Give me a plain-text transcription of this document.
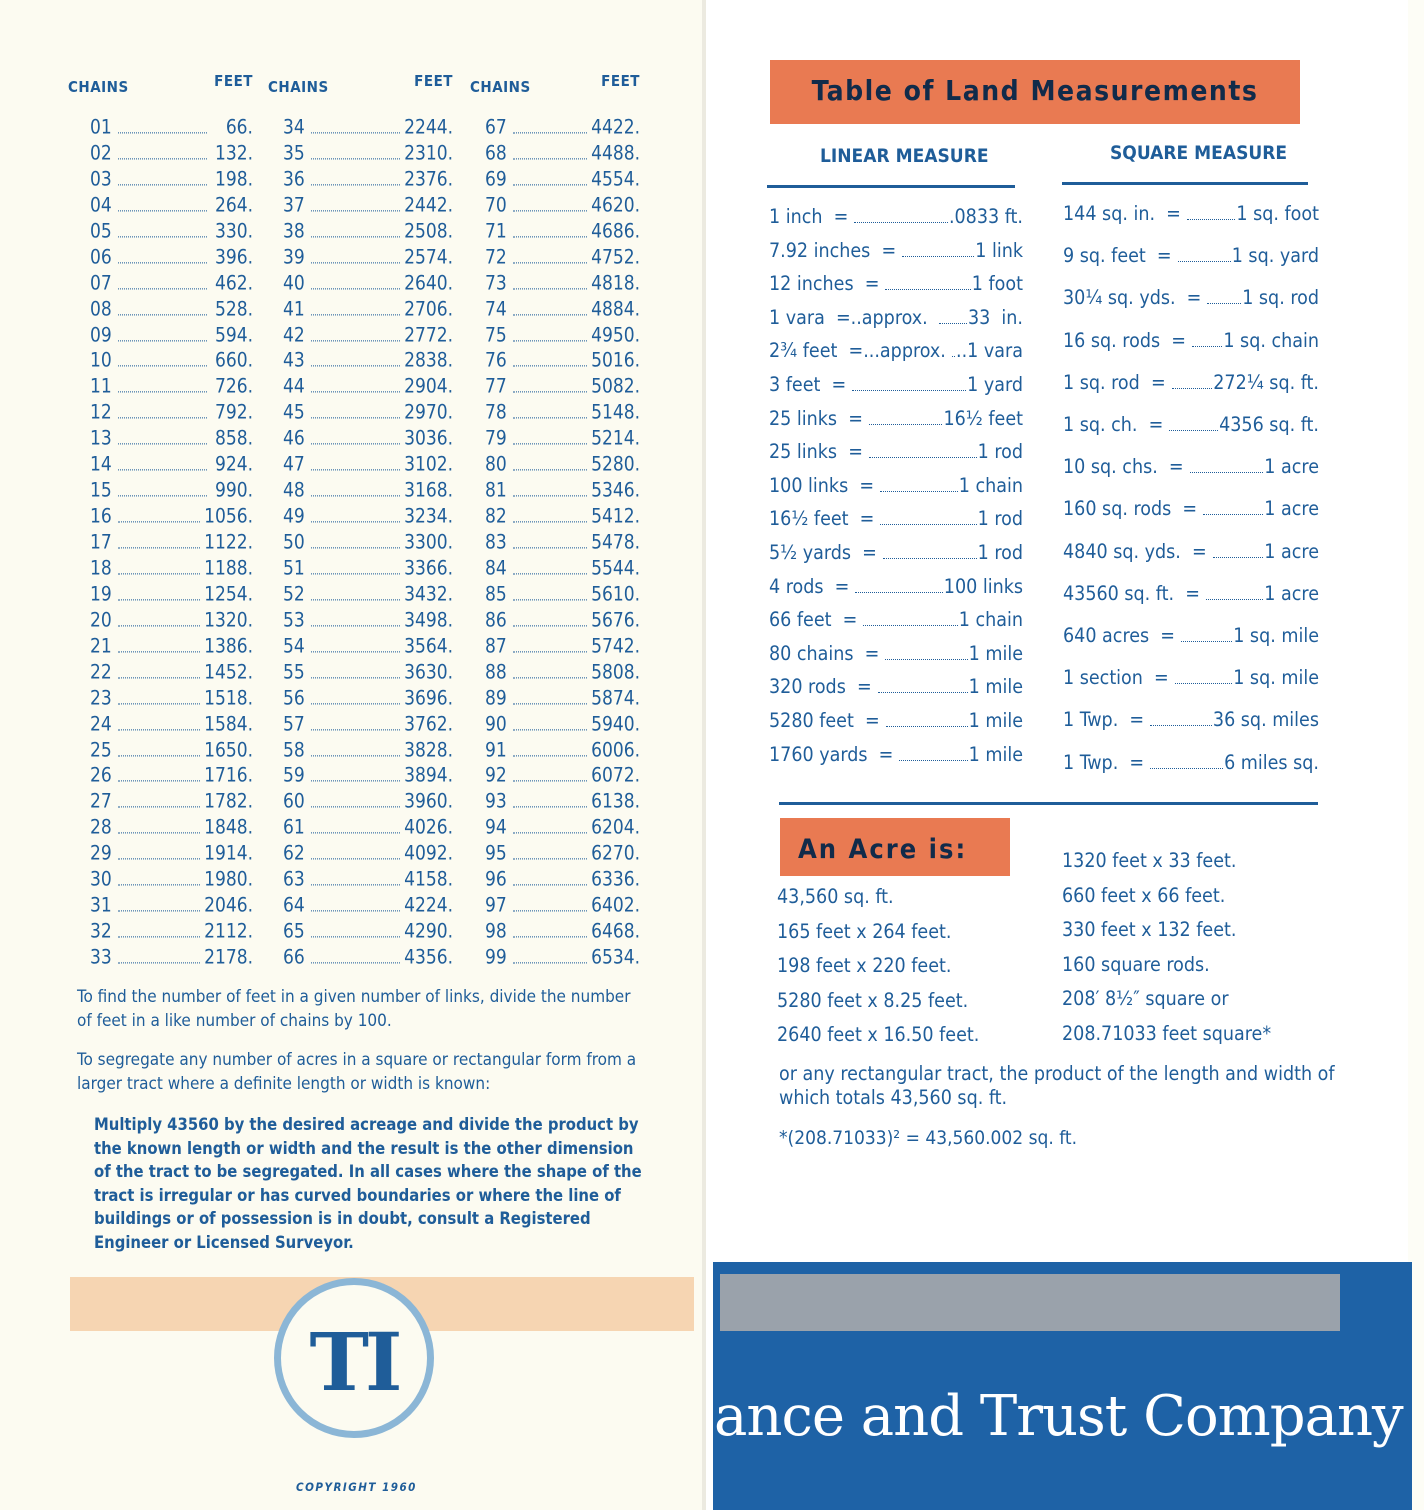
CHAINS	FEET
01	66.
02	132.
03	198.
04	264.
05	330.
06	396.
07	462.
08	528.
09	594.
10	660.
11	726.
12	792.
13	858.
14	924.
15	990.
16	1056.
17	1122.
18	1188.
19	1254.
20	1320.
21	1386.
22	1452.
23	1518.
24	1584.
25	1650.
26	1716.
27	1782.
28	1848.
29	1914.
30	1980.
31	2046.
32	2112.
33	2178.
CHAINS	FEET
34	2244.
35	2310.
36	2376.
37	2442.
38	2508.
39	2574.
40	2640.
41	2706.
42	2772.
43	2838.
44	2904.
45	2970.
46	3036.
47	3102.
48	3168.
49	3234.
50	3300.
51	3366.
52	3432.
53	3498.
54	3564.
55	3630.
56	3696.
57	3762.
58	3828.
59	3894.
60	3960.
61	4026.
62	4092.
63	4158.
64	4224.
65	4290.
66	4356.
CHAINS	FEET
67	4422.
68	4488.
69	4554.
70	4620.
71	4686.
72	4752.
73	4818.
74	4884.
75	4950.
76	5016.
77	5082.
78	5148.
79	5214.
80	5280.
81	5346.
82	5412.
83	5478.
84	5544.
85	5610.
86	5676.
87	5742.
88	5808.
89	5874.
90	5940.
91	6006.
92	6072.
93	6138.
94	6204.
95	6270.
96	6336.
97	6402.
98	6468.
99	6534.
To find the number of feet in a given number of links, divide the number of feet in a like number of chains by 100.
To segregate any number of acres in a square or rectangular form from a larger tract where a definite length or width is known:
Multiply 43560 by the desired acreage and divide the product by the known length or width and the result is the other dimension of the tract to be segregated. In all cases where the shape of the tract is irregular or has curved boundaries or where the line of buildings or of possession is in doubt, consult a Registered Engineer or Licensed Surveyor.
TI
COPYRIGHT 1960
Table of Land Measurements
LINEAR MEASURE	SQUARE MEASURE
1 inch  =	.0833 ft.
7.92 inches  =	1 link
12 inches  =	1 foot
1 vara  =..approx. 33  in.
2¾ feet  =...approx. ..1 vara
3 feet  =	1 yard
25 links  =	16½ feet
25 links  =	1 rod
100 links  =	1 chain
16½ feet  =	1 rod
5½ yards  =	1 rod
4 rods  =	100 links
66 feet  =	1 chain
80 chains  =	1 mile
320 rods  =	1 mile
5280 feet  =	1 mile
1760 yards  =	1 mile
144 sq. in.  =	1 sq. foot
9 sq. feet  =	1 sq. yard
30¼ sq. yds.  = 1 sq. rod
16 sq. rods  = 1 sq. chain
1 sq. rod  = 272¼ sq. ft.
1 sq. ch.  =	4356 sq. ft.
10 sq. chs.  =	1 acre
160 sq. rods  =	1 acre
4840 sq. yds.  =	1 acre
43560 sq. ft.  =	1 acre
640 acres  =	1 sq. mile
1 section  =	1 sq. mile
1 Twp.  =	36 sq. miles
1 Twp.  =	6 miles sq.
An Acre is:
43,560 sq. ft.
165 feet x 264 feet.
198 feet x 220 feet.
5280 feet x 8.25 feet.
2640 feet x 16.50 feet.
1320 feet x 33 feet.
660 feet x 66 feet.
330 feet x 132 feet.
160 square rods.
208′ 8½″ square or
208.71033 feet square*
or any rectangular tract, the product of the length and width of which totals 43,560 sq. ft.
*(208.71033)² = 43,560.002 sq. ft.
ance and Trust Company
